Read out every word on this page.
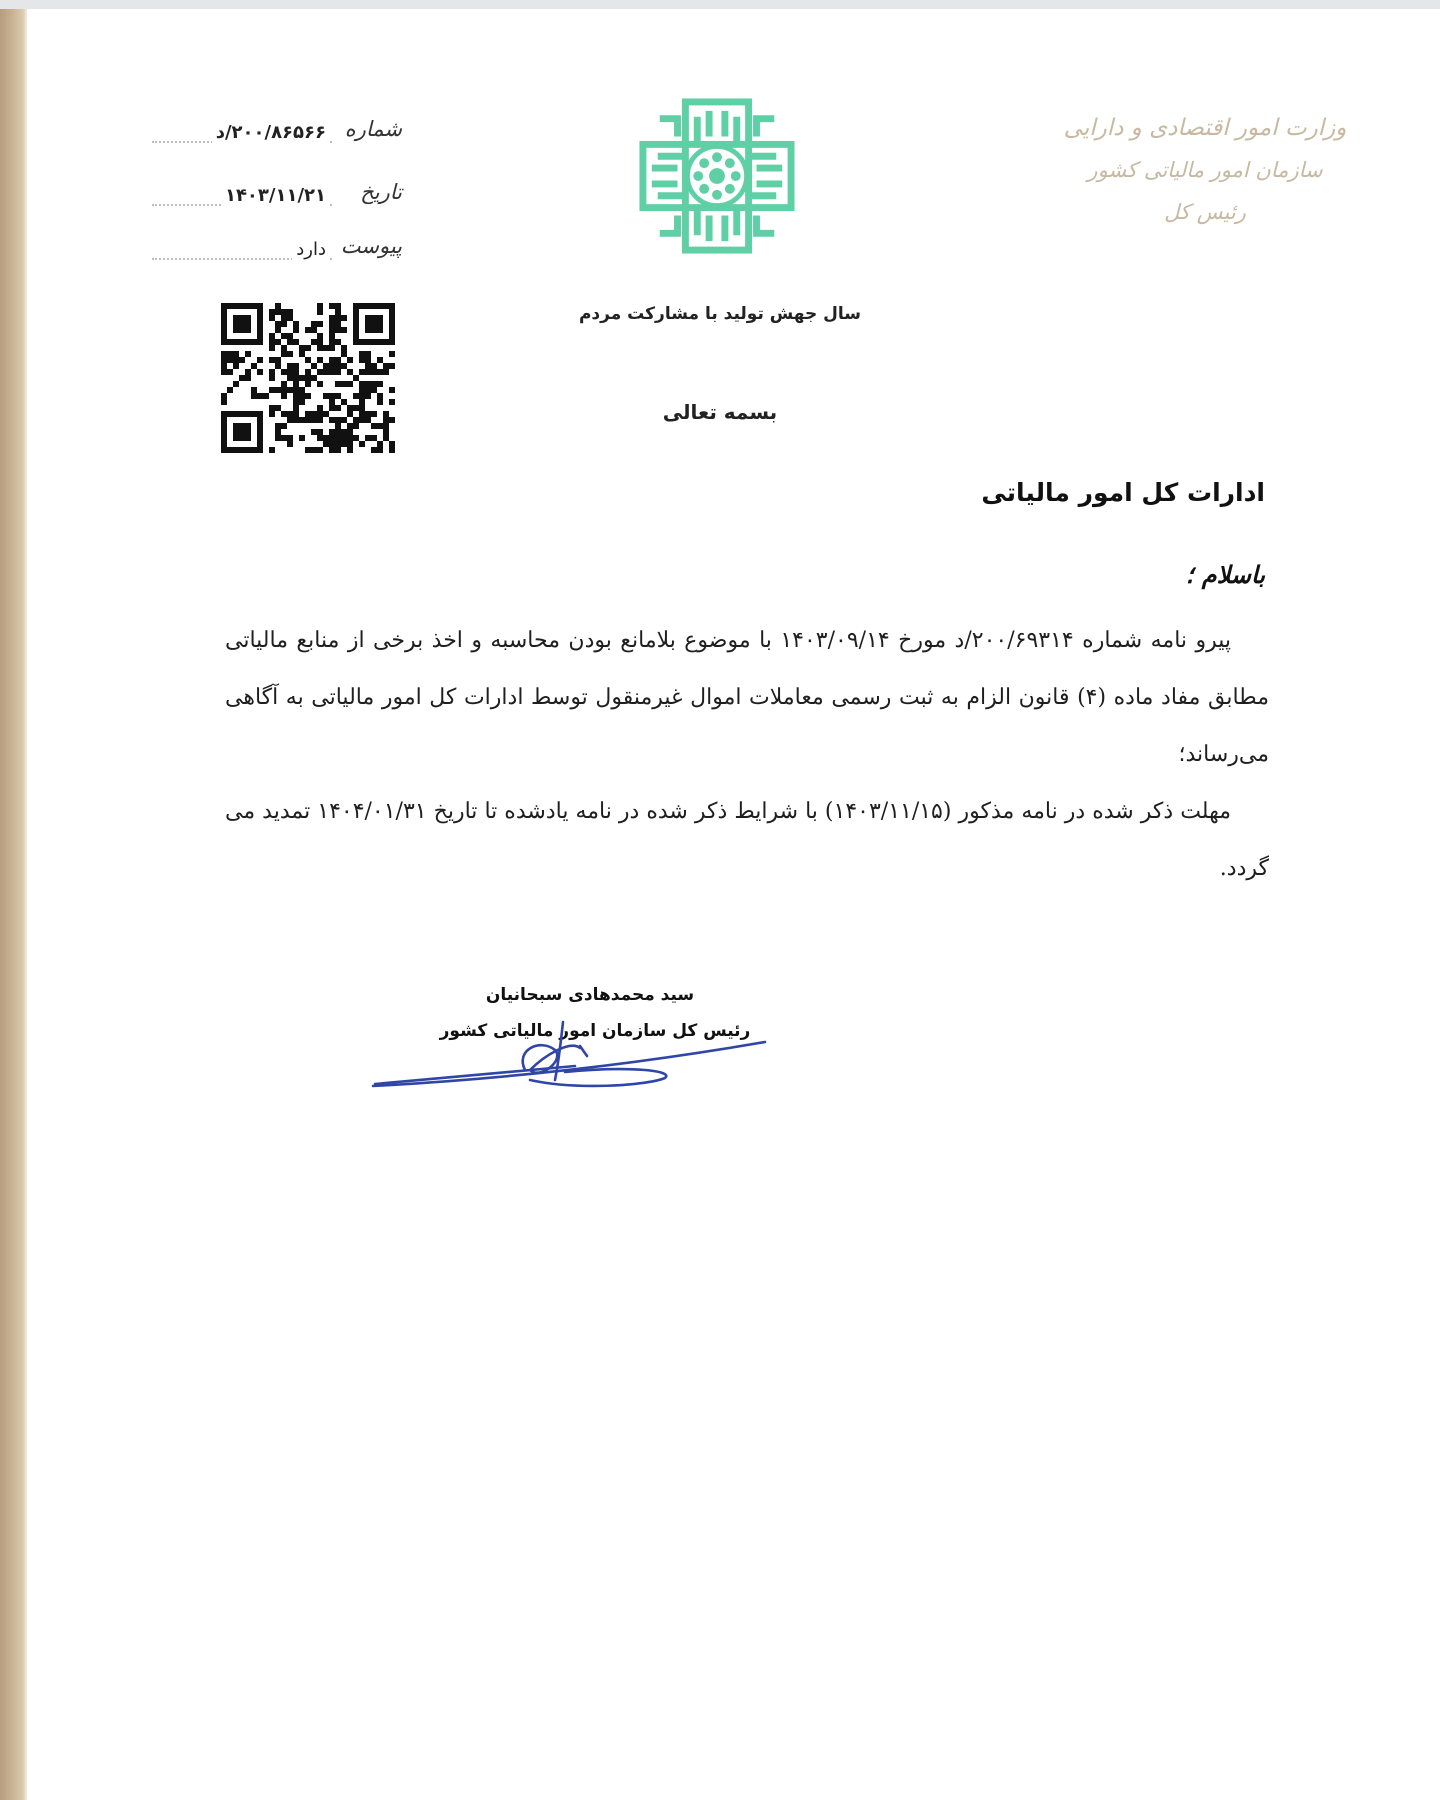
وزارت امور اقتصادی و دارایی
سازمان امور مالیاتی کشور
رئیس کل
شماره
۲۰۰/۸۶۵۶۶/د
تاریخ
۱۴۰۳/۱۱/۲۱
پیوست
دارد
سال جهش تولید با مشارکت مردم
بسمه تعالی
ادارات کل امور مالیاتی
باسلام ؛

پیرو نامه شماره ۲۰۰/۶۹۳۱۴/د مورخ ۱۴۰۳/۰۹/۱۴ با موضوع بلامانع بودن محاسبه و اخذ برخی از منابع مالیاتی مطابق مفاد ماده (۴) قانون الزام به ثبت رسمی معاملات اموال غیرمنقول توسط ادارات کل امور مالیاتی به آگاهی می‌رساند؛

مهلت ذکر شده در نامه مذکور (۱۴۰۳/۱۱/۱۵) با شرایط ذکر شده در نامه یادشده تا تاریخ ۱۴۰۴/۰۱/۳۱ تمدید می گردد.

سید محمدهادی سبحانیان
رئیس کل سازمان امور مالیاتی کشور
